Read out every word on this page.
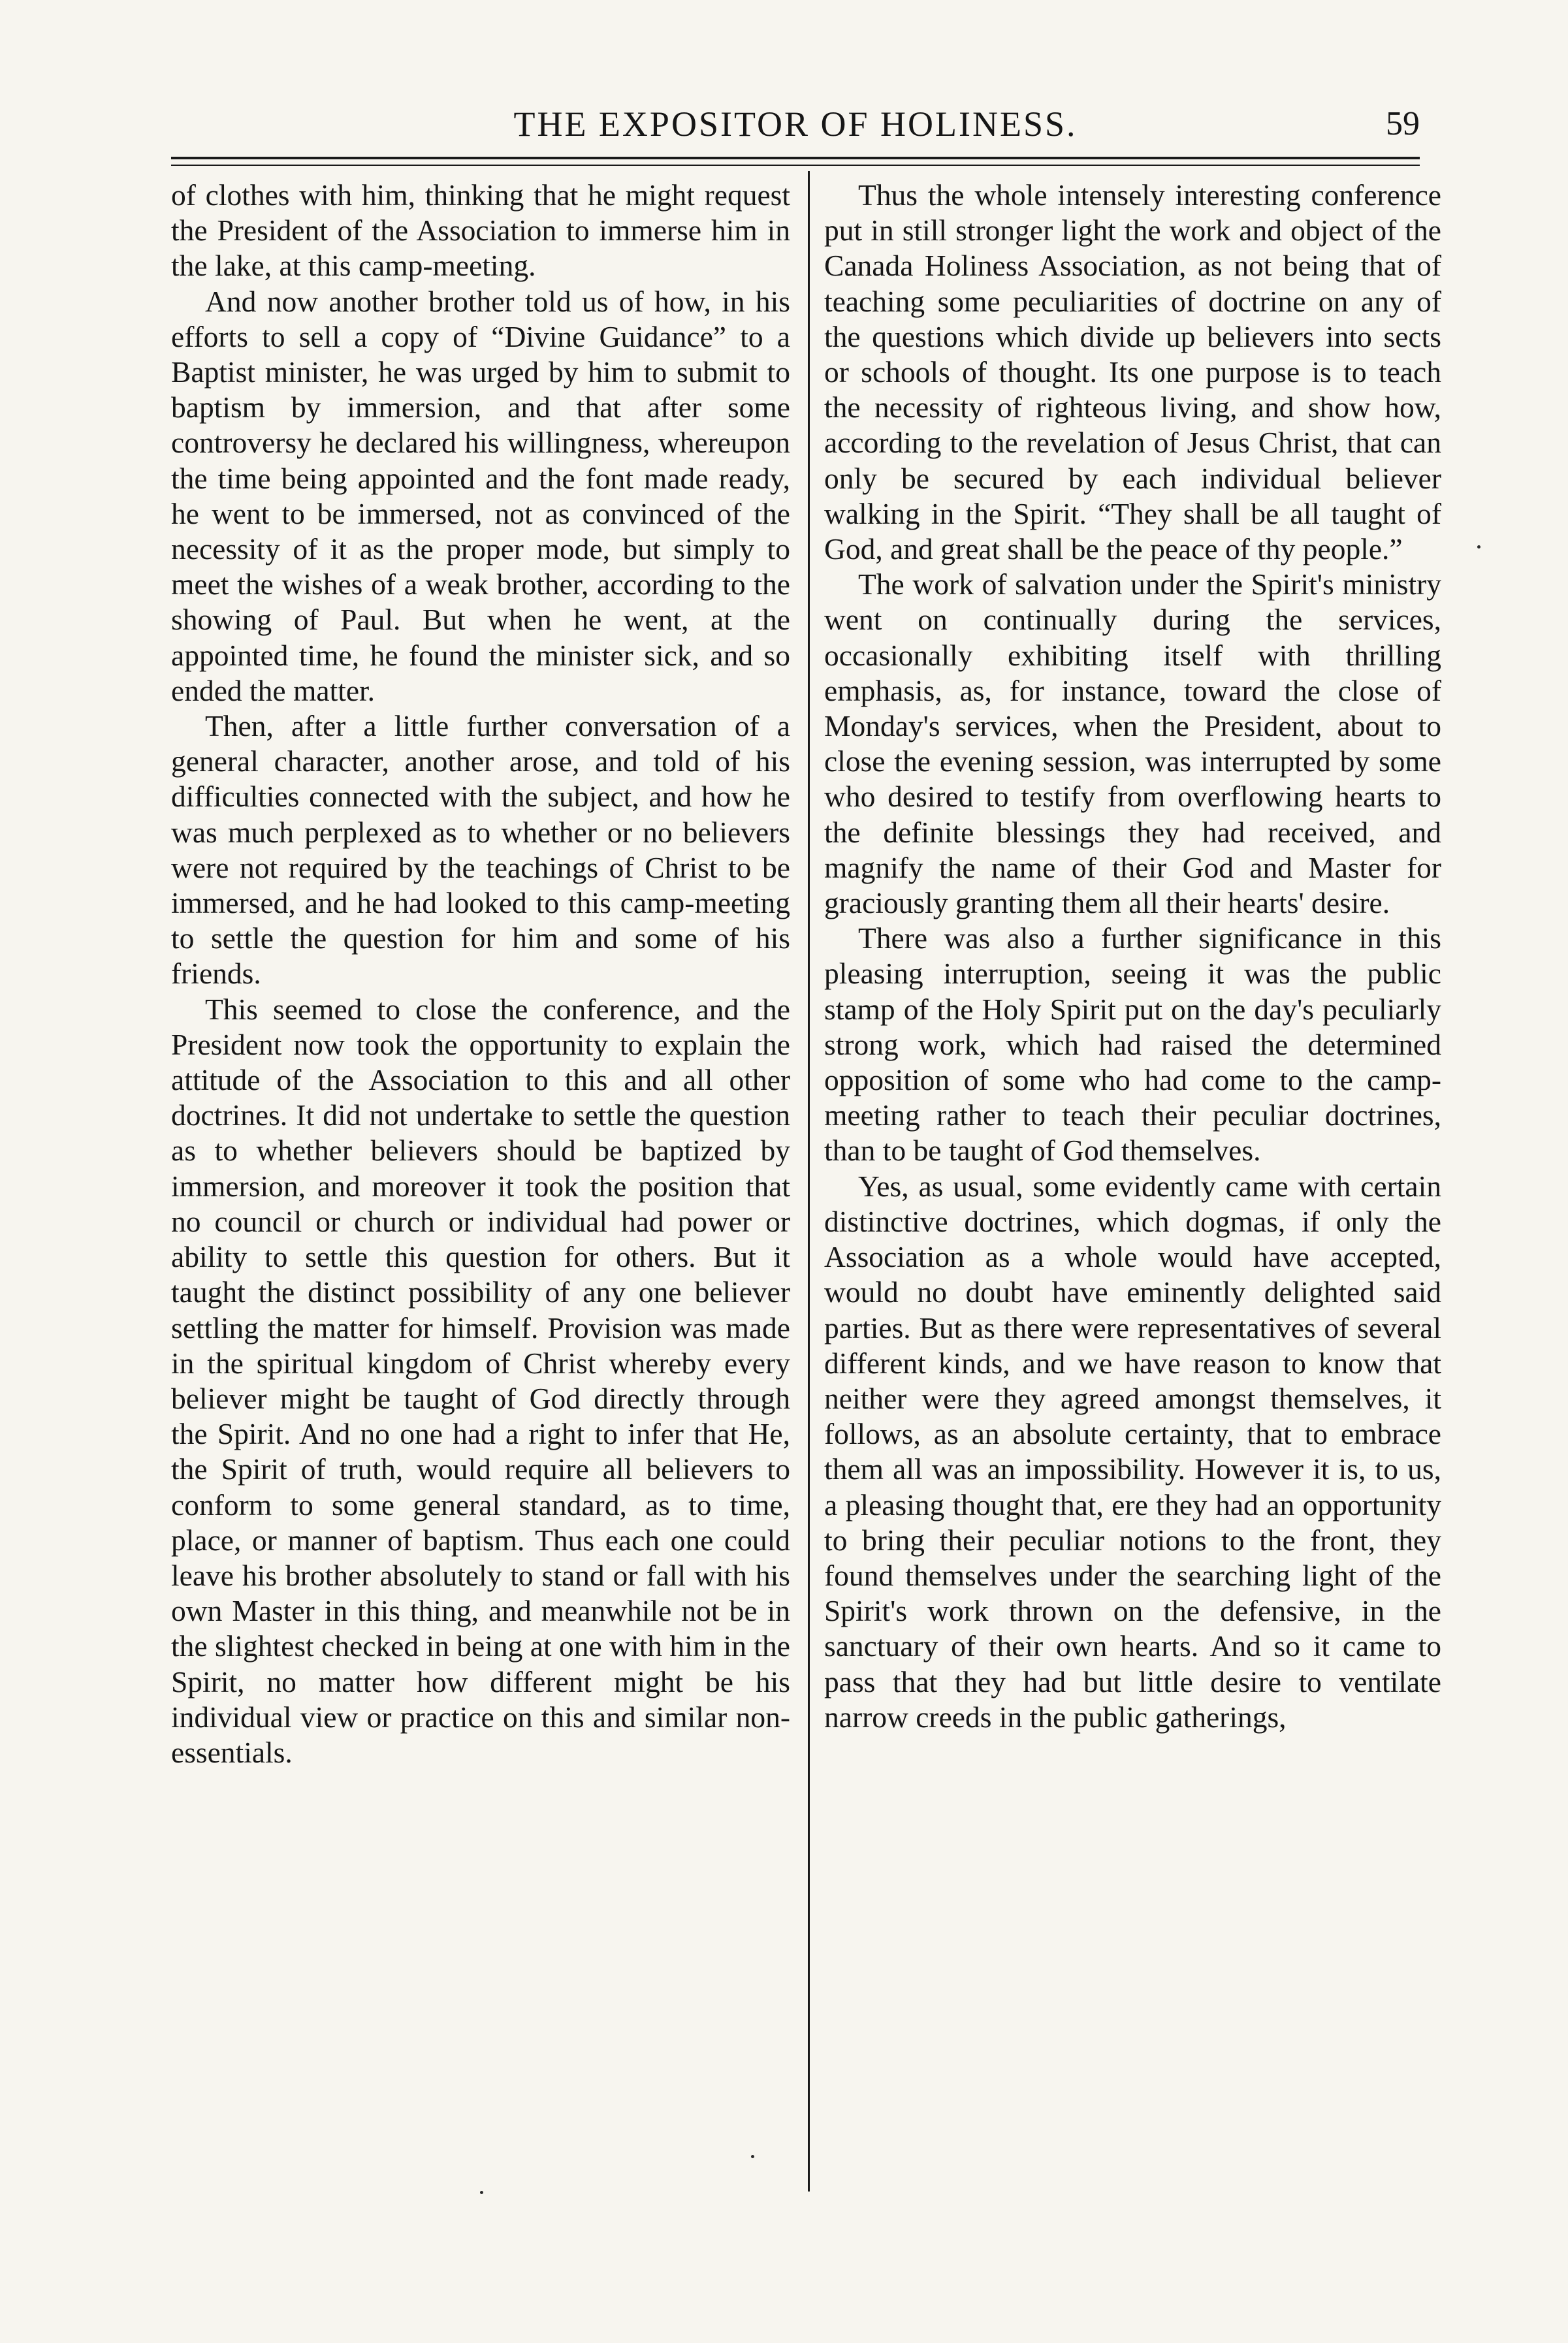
THE EXPOSITOR OF HOLINESS.	59

of clothes with him, thinking that he might request the President of the Association to immerse him in the lake, at this camp-meeting.

And now another brother told us of how, in his efforts to sell a copy of “Divine Guidance” to a Baptist minister, he was urged by him to submit to baptism by immersion, and that after some controversy he declared his willingness, whereupon the time being appointed and the font made ready, he went to be immersed, not as convinced of the necessity of it as the proper mode, but simply to meet the wishes of a weak brother, according to the showing of Paul. But when he went, at the appointed time, he found the minister sick, and so ended the matter.

Then, after a little further conversation of a general character, another arose, and told of his difficulties connected with the subject, and how he was much perplexed as to whether or no believers were not required by the teachings of Christ to be immersed, and he had looked to this camp-meeting to settle the question for him and some of his friends.

This seemed to close the conference, and the President now took the opportunity to explain the attitude of the Association to this and all other doctrines. It did not undertake to settle the question as to whether believers should be baptized by immersion, and moreover it took the position that no council or church or individual had power or ability to settle this question for others. But it taught the distinct possibility of any one believer settling the matter for himself. Provision was made in the spiritual kingdom of Christ whereby every believer might be taught of God directly through the Spirit. And no one had a right to infer that He, the Spirit of truth, would require all believers to conform to some general standard, as to time, place, or manner of baptism. Thus each one could leave his brother absolutely to stand or fall with his own Master in this thing, and meanwhile not be in the slightest checked in being at one with him in the Spirit, no matter how different might be his individual view or practice on this and similar non-essentials.

Thus the whole intensely interesting conference put in still stronger light the work and object of the Canada Holiness Association, as not being that of teaching some peculiarities of doctrine on any of the questions which divide up believers into sects or schools of thought. Its one purpose is to teach the necessity of righteous living, and show how, according to the revelation of Jesus Christ, that can only be secured by each individual believer walking in the Spirit. “They shall be all taught of God, and great shall be the peace of thy people.”

The work of salvation under the Spirit's ministry went on continually during the services, occasionally exhibiting itself with thrilling emphasis, as, for instance, toward the close of Monday's services, when the President, about to close the evening session, was interrupted by some who desired to testify from overflowing hearts to the definite blessings they had received, and magnify the name of their God and Master for graciously granting them all their hearts' desire.

There was also a further significance in this pleasing interruption, seeing it was the public stamp of the Holy Spirit put on the day's peculiarly strong work, which had raised the determined opposition of some who had come to the camp-meeting rather to teach their peculiar doctrines, than to be taught of God themselves.

Yes, as usual, some evidently came with certain distinctive doctrines, which dogmas, if only the Association as a whole would have accepted, would no doubt have eminently delighted said parties. But as there were representatives of several different kinds, and we have reason to know that neither were they agreed amongst themselves, it follows, as an absolute certainty, that to embrace them all was an impossibility. However it is, to us, a pleasing thought that, ere they had an opportunity to bring their peculiar notions to the front, they found themselves under the searching light of the Spirit's work thrown on the defensive, in the sanctuary of their own hearts. And so it came to pass that they had but little desire to ventilate narrow creeds in the public gatherings,
